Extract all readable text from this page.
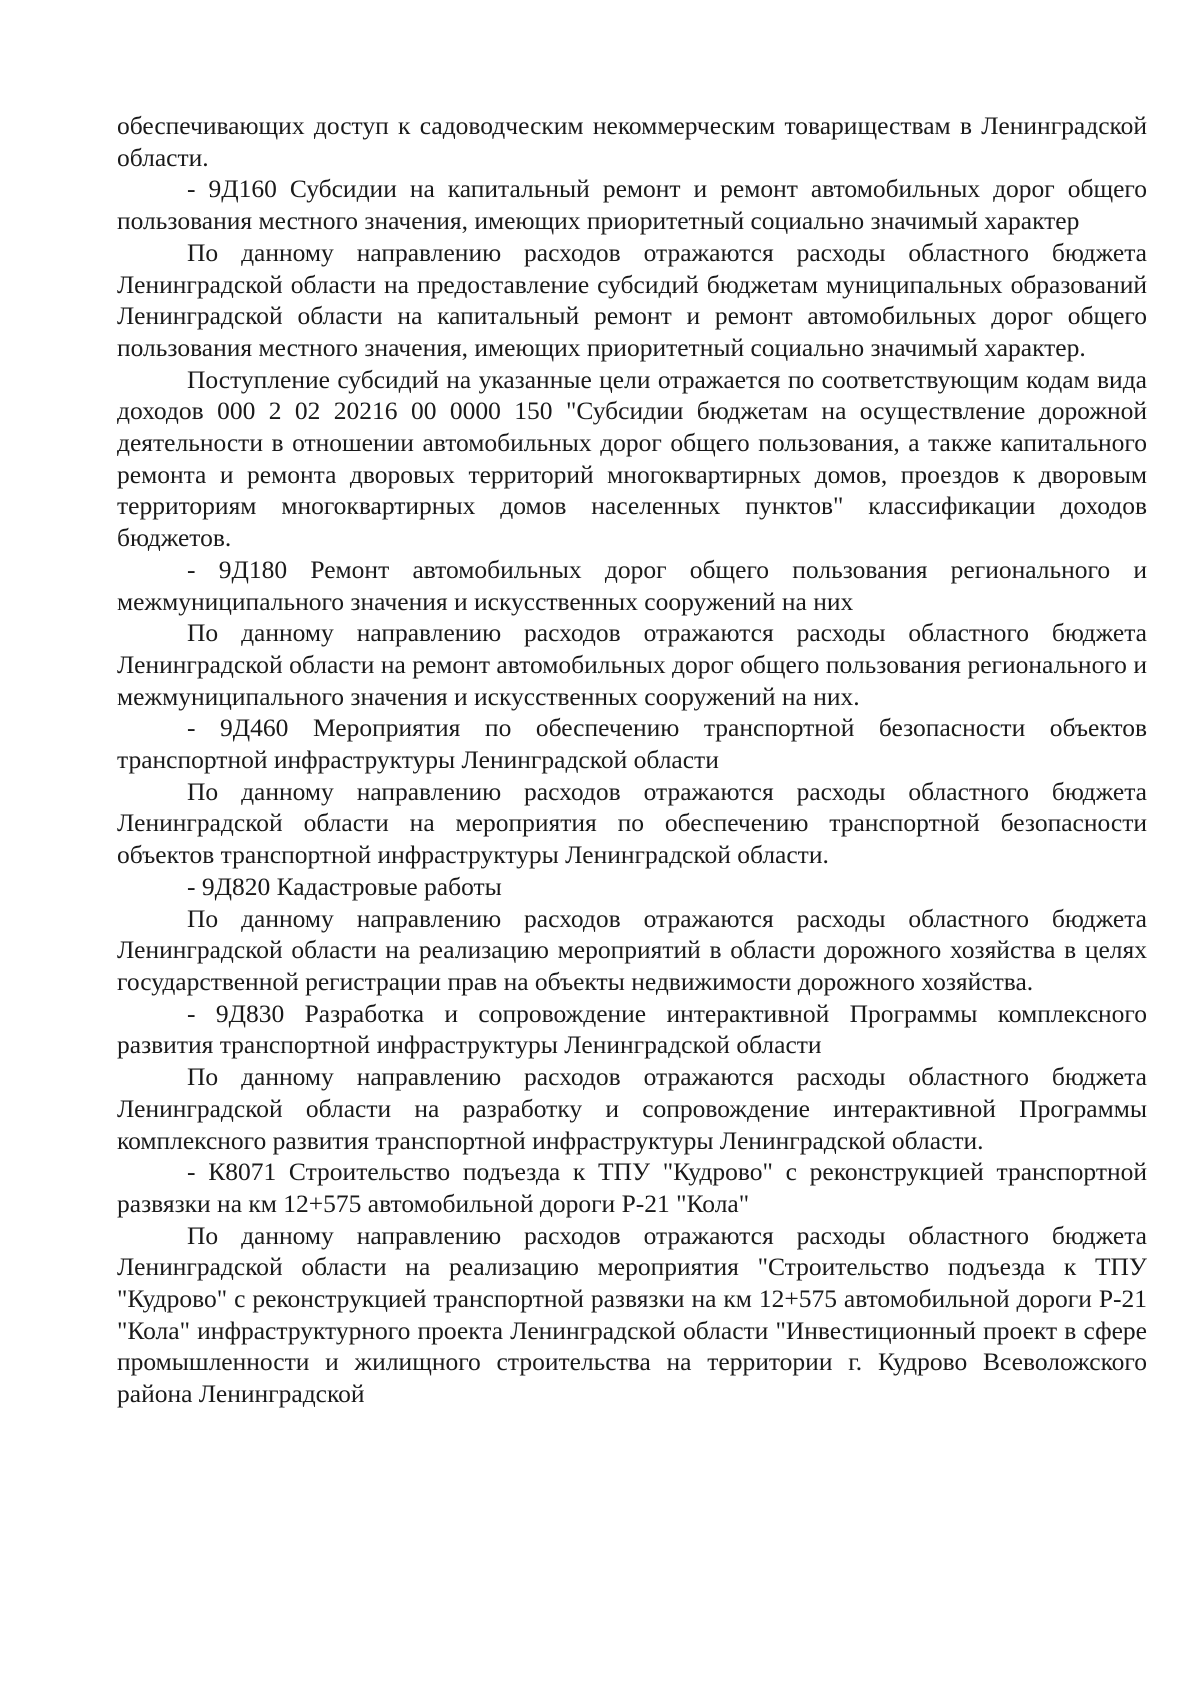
обеспечивающих доступ к садоводческим некоммерческим товариществам в Ленинградской области.

- 9Д160 Субсидии на капитальный ремонт и ремонт автомобильных дорог общего пользования местного значения, имеющих приоритетный социально значимый характер

По данному направлению расходов отражаются расходы областного бюджета Ленинградской области на предоставление субсидий бюджетам муниципальных образований Ленинградской области на капитальный ремонт и ремонт автомобильных дорог общего пользования местного значения, имеющих приоритетный социально значимый характер.

Поступление субсидий на указанные цели отражается по соответствующим кодам вида доходов 000 2 02 20216 00 0000 150 "Субсидии бюджетам на осуществление дорожной деятельности в отношении автомобильных дорог общего пользования, а также капитального ремонта и ремонта дворовых территорий многоквартирных домов, проездов к дворовым территориям многоквартирных домов населенных пунктов" классификации доходов бюджетов.

- 9Д180 Ремонт автомобильных дорог общего пользования регионального и межмуниципального значения и искусственных сооружений на них

По данному направлению расходов отражаются расходы областного бюджета Ленинградской области на ремонт автомобильных дорог общего пользования регионального и межмуниципального значения и искусственных сооружений на них.

- 9Д460 Мероприятия по обеспечению транспортной безопасности объектов транспортной инфраструктуры Ленинградской области

По данному направлению расходов отражаются расходы областного бюджета Ленинградской области на мероприятия по обеспечению транспортной безопасности объектов транспортной инфраструктуры Ленинградской области.

- 9Д820 Кадастровые работы

По данному направлению расходов отражаются расходы областного бюджета Ленинградской области на реализацию мероприятий в области дорожного хозяйства в целях государственной регистрации прав на объекты недвижимости дорожного хозяйства.

- 9Д830 Разработка и сопровождение интерактивной Программы комплексного развития транспортной инфраструктуры Ленинградской области

По данному направлению расходов отражаются расходы областного бюджета Ленинградской области на разработку и сопровождение интерактивной Программы комплексного развития транспортной инфраструктуры Ленинградской области.

- К8071 Строительство подъезда к ТПУ "Кудрово" с реконструкцией транспортной развязки на км 12+575 автомобильной дороги Р-21 "Кола"

По данному направлению расходов отражаются расходы областного бюджета Ленинградской области на реализацию мероприятия "Строительство подъезда к ТПУ "Кудрово" с реконструкцией транспортной развязки на км 12+575 автомобильной дороги Р-21 "Кола" инфраструктурного проекта Ленинградской области "Инвестиционный проект в сфере промышленности и жилищного строительства на территории г. Кудрово Всеволожского района Ленинградской
